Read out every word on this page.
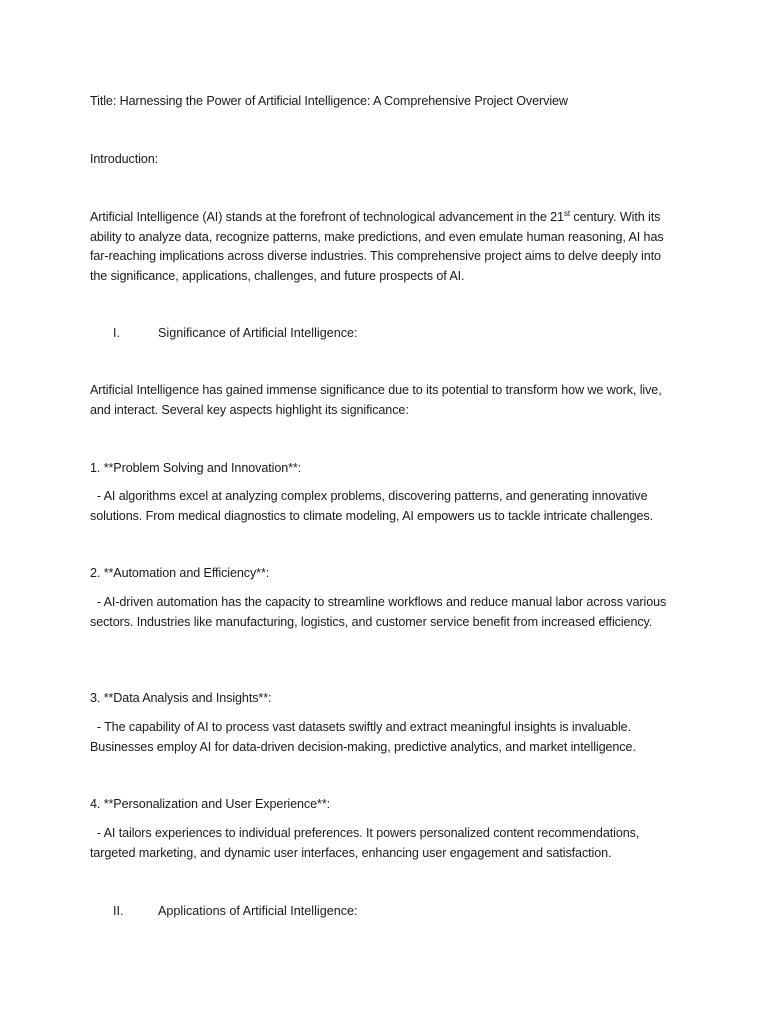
Title: Harnessing the Power of Artificial Intelligence: A Comprehensive Project Overview

Introduction:

Artificial Intelligence (AI) stands at the forefront of technological advancement in the 21st century. With its ability to analyze data, recognize patterns, make predictions, and even emulate human reasoning, AI has far-reaching implications across diverse industries. This comprehensive project aims to delve deeply into the significance, applications, challenges, and future prospects of AI.

I.	Significance of Artificial Intelligence:

Artificial Intelligence has gained immense significance due to its potential to transform how we work, live, and interact. Several key aspects highlight its significance:

1. **Problem Solving and Innovation**:

- AI algorithms excel at analyzing complex problems, discovering patterns, and generating innovative solutions. From medical diagnostics to climate modeling, AI empowers us to tackle intricate challenges.

2. **Automation and Efficiency**:

- AI-driven automation has the capacity to streamline workflows and reduce manual labor across various sectors. Industries like manufacturing, logistics, and customer service benefit from increased efficiency.

3. **Data Analysis and Insights**:

- The capability of AI to process vast datasets swiftly and extract meaningful insights is invaluable. Businesses employ AI for data-driven decision-making, predictive analytics, and market intelligence.

4. **Personalization and User Experience**:

- AI tailors experiences to individual preferences. It powers personalized content recommendations, targeted marketing, and dynamic user interfaces, enhancing user engagement and satisfaction.

II.	Applications of Artificial Intelligence:
